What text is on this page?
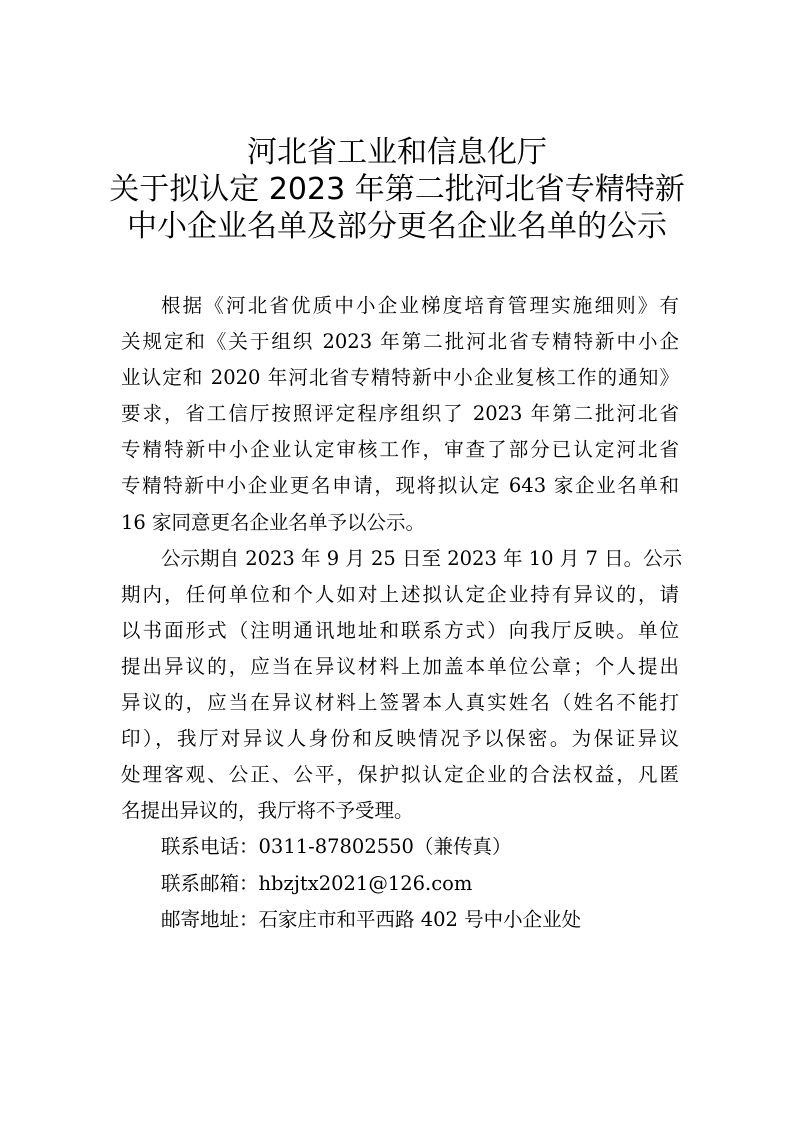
河北省工业和信息化厅
关于拟认定 2023 年第二批河北省专精特新
中小企业名单及部分更名企业名单的公示
根据《河北省优质中小企业梯度培育管理实施细则》有
关规定和《关于组织 2023 年第二批河北省专精特新中小企
业认定和 2020 年河北省专精特新中小企业复核工作的通知》
要求，省工信厅按照评定程序组织了 2023 年第二批河北省
专精特新中小企业认定审核工作，审查了部分已认定河北省
专精特新中小企业更名申请，现将拟认定 643 家企业名单和
16 家同意更名企业名单予以公示。
公示期自 2023 年 9 月 25 日至 2023 年 10 月 7 日。公示
期内，任何单位和个人如对上述拟认定企业持有异议的，请
以书面形式（注明通讯地址和联系方式）向我厅反映。单位
提出异议的，应当在异议材料上加盖本单位公章；个人提出
异议的，应当在异议材料上签署本人真实姓名（姓名不能打
印），我厅对异议人身份和反映情况予以保密。为保证异议
处理客观、公正、公平，保护拟认定企业的合法权益，凡匿
名提出异议的，我厅将不予受理。
联系电话：0311-87802550（兼传真）
联系邮箱：hbzjtx2021@126.com
邮寄地址：石家庄市和平西路 402 号中小企业处
